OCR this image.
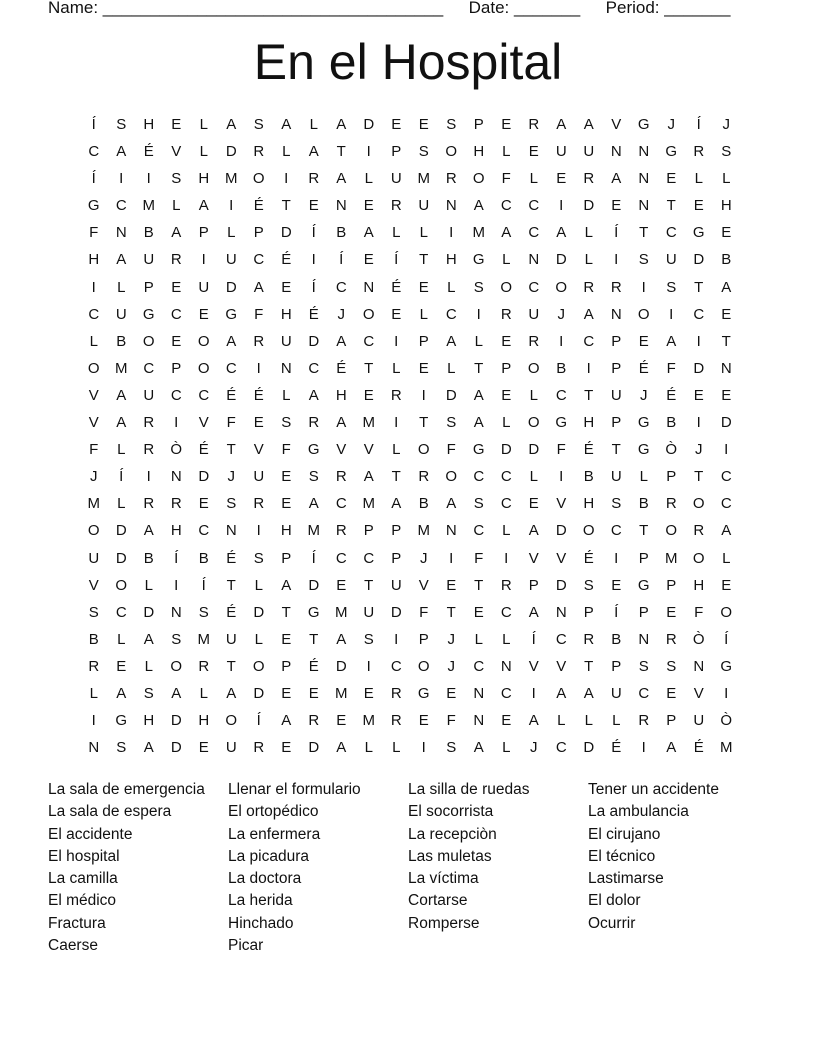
Name: ____________________________________ Date: _______ Period: _______
En el Hospital
Í	S	H	E	L	A	S	A	L	A	D	E	E	S	P	E	R	A	A	V	G	J	Í	J
C	A	É	V	L	D	R	L	A	T	I	P	S	O	H	L	E	U	U	N	N	G	R	S
Í	I	I	S	H	M	O	I	R	A	L	U	M	R	O	F	L	E	R	A	N	E	L	L
G	C	M	L	A	I	É	T	E	N	E	R	U	N	A	C	C	I	D	E	N	T	E	H
F	N	B	A	P	L	P	D	Í	B	A	L	L	I	M	A	C	A	L	Í	T	C	G	E
H	A	U	R	I	U	C	É	I	Í	E	Í	T	H	G	L	N	D	L	I	S	U	D	B
I	L	P	E	U	D	A	E	Í	C	N	É	E	L	S	O	C	O	R	R	I	S	T	A
C	U	G	C	E	G	F	H	É	J	O	E	L	C	I	R	U	J	A	N	O	I	C	E
L	B	O	E	O	A	R	U	D	A	C	I	P	A	L	E	R	I	C	P	E	A	I	T
O	M	C	P	O	C	I	N	C	É	T	L	E	L	T	P	O	B	I	P	É	F	D	N
V	A	U	C	C	É	É	L	A	H	E	R	I	D	A	E	L	C	T	U	J	É	E	E
V	A	R	I	V	F	E	S	R	A	M	I	T	S	A	L	O	G	H	P	G	B	I	D
F	L	R	Ò	É	T	V	F	G	V	V	L	O	F	G	D	D	F	É	T	G	Ò	J	I
J	Í	I	N	D	J	U	E	S	R	A	T	R	O	C	C	L	I	B	U	L	P	T	C
M	L	R	R	E	S	R	E	A	C	M	A	B	A	S	C	E	V	H	S	B	R	O	C
O	D	A	H	C	N	I	H	M	R	P	P	M	N	C	L	A	D	O	C	T	O	R	A
U	D	B	Í	B	É	S	P	Í	C	C	P	J	I	F	I	V	V	É	I	P	M	O	L
V	O	L	I	Í	T	L	A	D	E	T	U	V	E	T	R	P	D	S	E	G	P	H	E
S	C	D	N	S	É	D	T	G	M	U	D	F	T	E	C	A	N	P	Í	P	E	F	O
B	L	A	S	M	U	L	E	T	A	S	I	P	J	L	L	Í	C	R	B	N	R	Ò	Í
R	E	L	O	R	T	O	P	É	D	I	C	O	J	C	N	V	V	T	P	S	S	N	G
L	A	S	A	L	A	D	E	E	M	E	R	G	E	N	C	I	A	A	U	C	E	V	I
I	G	H	D	H	O	Í	A	R	E	M	R	E	F	N	E	A	L	L	L	R	P	U	Ò
N	S	A	D	E	U	R	E	D	A	L	L	I	S	A	L	J	C	D	É	I	A	É	M
La sala de emergencia
La sala de espera
El accidente
El hospital
La camilla
El médico
Fractura
Caerse
Llenar el formulario
El ortopédico
La enfermera
La picadura
La doctora
La herida
Hinchado
Picar
La silla de ruedas
El socorrista
La recepciòn
Las muletas
La víctima
Cortarse
Romperse
Tener un accidente
La ambulancia
El cirujano
El técnico
Lastimarse
El dolor
Ocurrir
